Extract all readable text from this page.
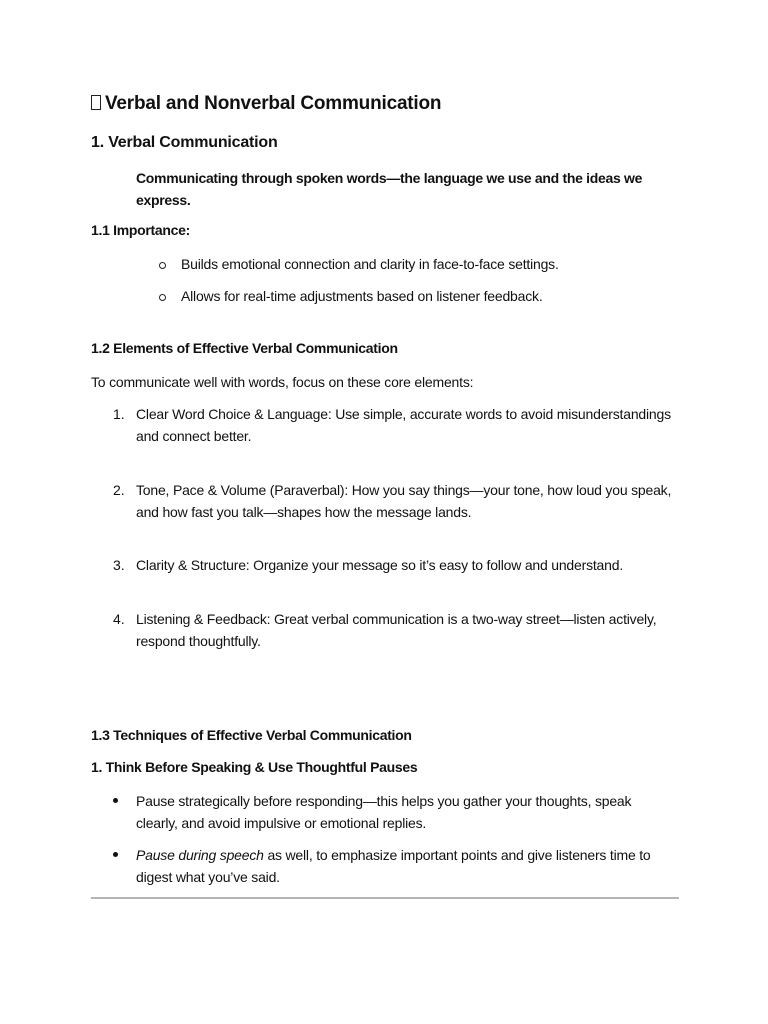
Verbal and Nonverbal Communication
1. Verbal Communication
Communicating through spoken words—the language we use and the ideas we express.
1.1 Importance:
Builds emotional connection and clarity in face-to-face settings.
Allows for real-time adjustments based on listener feedback.
1.2 Elements of Effective Verbal Communication
To communicate well with words, focus on these core elements:
1. Clear Word Choice & Language: Use simple, accurate words to avoid misunderstandings and connect better.
2. Tone, Pace & Volume (Paraverbal): How you say things—your tone, how loud you speak, and how fast you talk—shapes how the message lands.
3. Clarity & Structure: Organize your message so it’s easy to follow and understand.
4. Listening & Feedback: Great verbal communication is a two-way street—listen actively, respond thoughtfully.
1.3 Techniques of Effective Verbal Communication
1. Think Before Speaking & Use Thoughtful Pauses
Pause strategically before responding—this helps you gather your thoughts, speak clearly, and avoid impulsive or emotional replies.
Pause during speech as well, to emphasize important points and give listeners time to digest what you’ve said.
